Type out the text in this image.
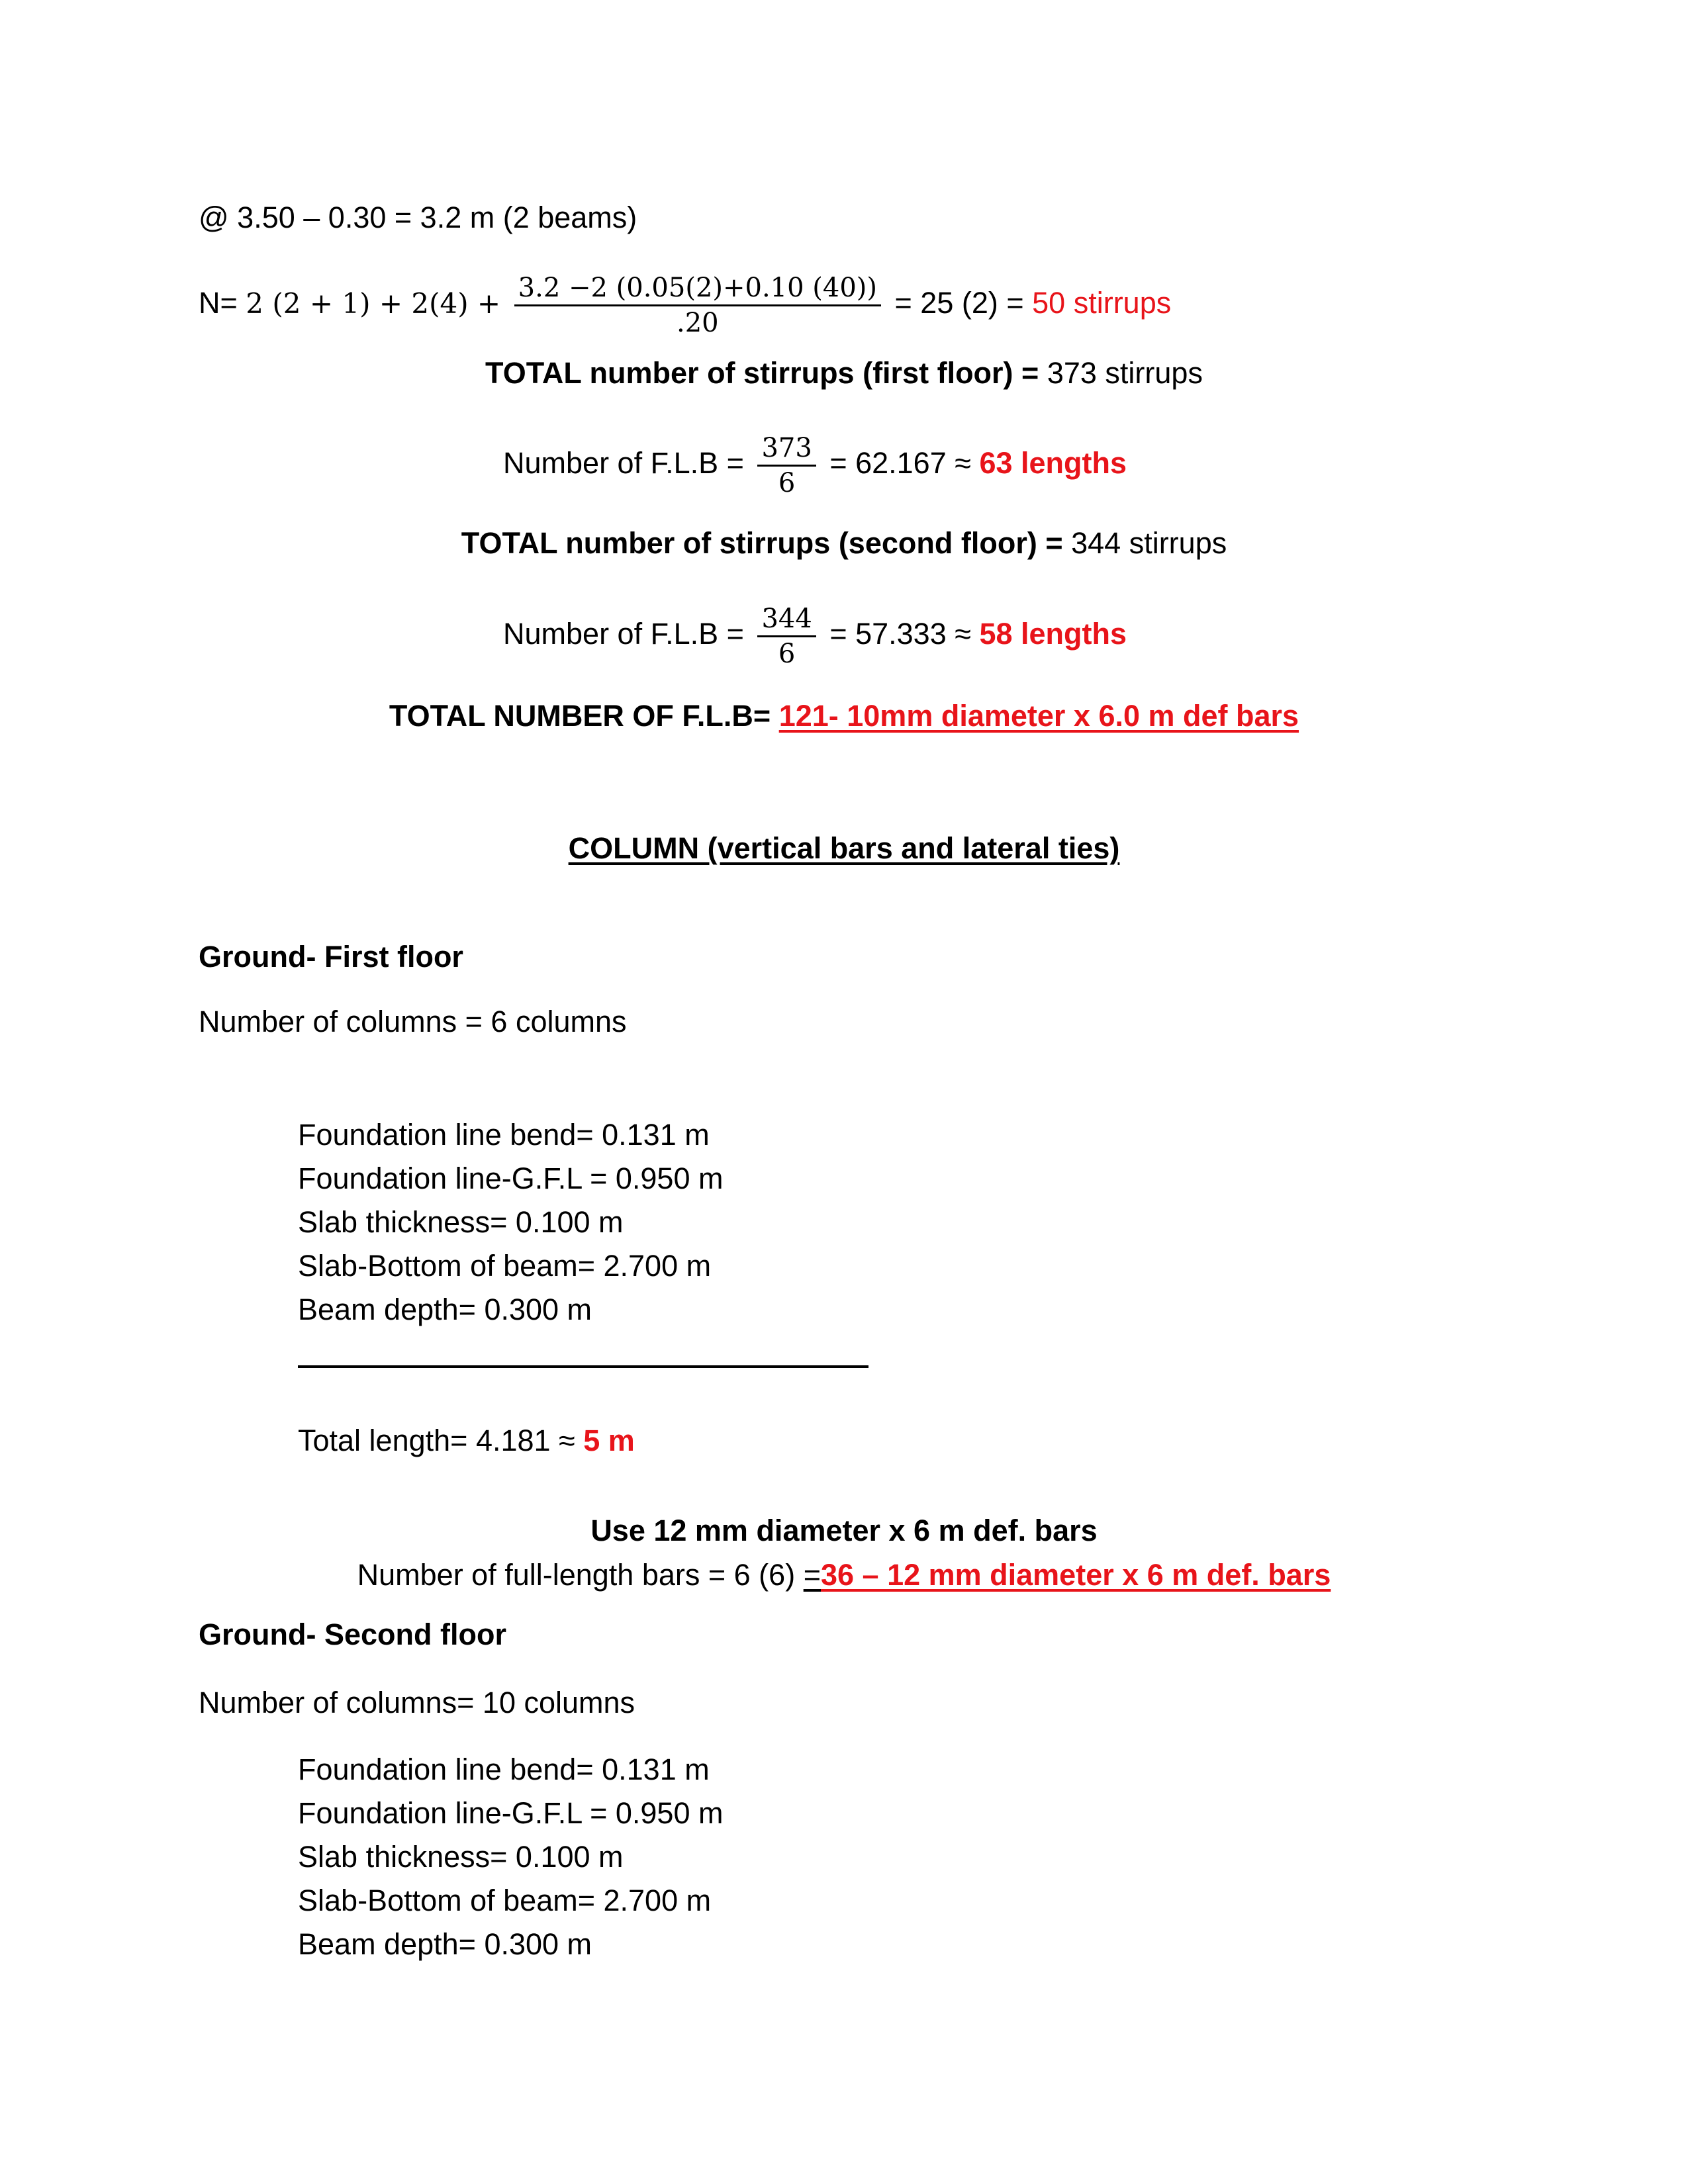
@ 3.50 – 0.30 = 3.2 m (2 beams)
N= 2 $(2 + 1) + 2(4) + \frac{3.2 -2 (0.05(2)+0.10 (40))}{.20} = 25$ (2) = 50 stirrups
TOTAL number of stirrups (first floor) = 373 stirrups
Number of $F.L.B = \frac{373}{6} = 62.167 \approx 63$ lengths
TOTAL number of stirrups (second floor) = 344 stirrups
Number of $F.L.B = \frac{344}{6} = 57.333 \approx 58$ lengths
TOTAL NUMBER OF F.L.B= 121- 10mm diameter x 6.0 m def bars
COLUMN (vertical bars and lateral ties)
Ground- First floor
Number of columns = 6 columns
Foundation line bend= 0.131 m
Foundation line-G.F.L = 0.950 m
Slab thickness= 0.100 m
Slab-Bottom of beam= 2.700 m
Beam depth= 0.300 m
Total length= 4.181 ≈ 5 m
Use 12 mm diameter x 6 m def. bars
Number of full-length bars = 6 (6) =36 – 12 mm diameter x 6 m def. bars
Ground- Second floor
Number of columns= 10 columns
Foundation line bend= 0.131 m
Foundation line-G.F.L = 0.950 m
Slab thickness= 0.100 m
Slab-Bottom of beam= 2.700 m
Beam depth= 0.300 m
